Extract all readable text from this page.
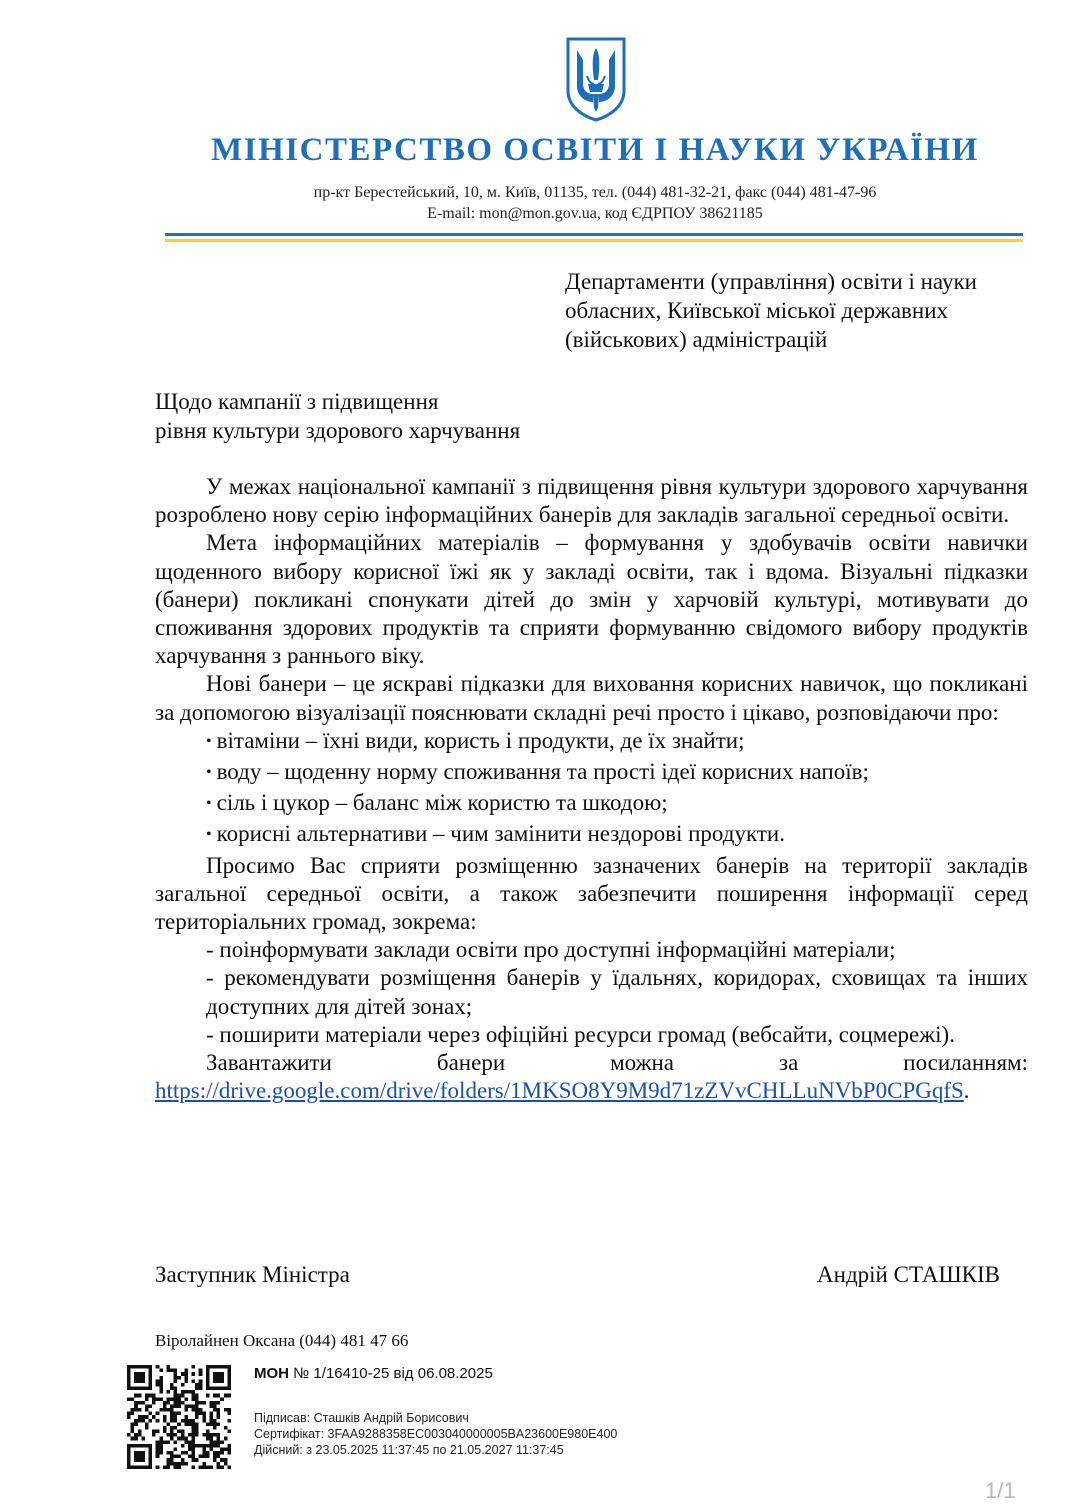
МІНІСТЕРСТВО ОСВІТИ І НАУКИ УКРАЇНИ
пр-кт Берестейський, 10, м. Київ, 01135, тел. (044) 481-32-21, факс (044) 481-47-96
E-mail: mon@mon.gov.ua, код ЄДРПОУ 38621185
Департаменти (управління) освіти і науки
обласних, Київської міської державних
(військових) адміністрацій
Щодо кампанії з підвищення
рівня культури здорового харчування

У межах національної кампанії з підвищення рівня культури здорового харчування розроблено нову серію інформаційних банерів для закладів загальної середньої освіти.

Мета інформаційних матеріалів – формування у здобувачів освіти навички щоденного вибору корисної їжі як у закладі освіти, так і вдома. Візуальні підказки (банери) покликані спонукати дітей до змін у харчовій культурі, мотивувати до споживання здорових продуктів та сприяти формуванню свідомого вибору продуктів харчування з раннього віку.

Нові банери – це яскраві підказки для виховання корисних навичок, що покликані за допомогою візуалізації пояснювати складні речі просто і цікаво, розповідаючи про:

• вітаміни – їхні види, користь і продукти, де їх знайти;
• воду – щоденну норму споживання та прості ідеї корисних напоїв;
• сіль і цукор – баланс між користю та шкодою;
• корисні альтернативи – чим замінити нездорові продукти.

Просимо Вас сприяти розміщенню зазначених банерів на території закладів загальної середньої освіти, а також забезпечити поширення інформації серед територіальних громад, зокрема:

- поінформувати заклади освіти про доступні інформаційні матеріали;
- рекомендувати розміщення банерів у їдальнях, коридорах, сховищах та інших доступних для дітей зонах;
- поширити матеріали через офіційні ресурси громад (вебсайти, соцмережі).

Завантажити банери можна за посиланням:

https://drive.google.com/drive/folders/1MKSO8Y9M9d71zZVvCHLLuNVbP0CPGqfS.
Заступник Міністра	Андрій СТАШКІВ
Віролайнен Оксана (044) 481 47 66
МОН № 1/16410-25 від 06.08.2025
Підписав: Сташків Андрій Борисович
Сертифікат: 3FAA9288358EC003040000005BA23600E980E400
Дійсний: з 23.05.2025 11:37:45 по 21.05.2027 11:37:45
1/1
